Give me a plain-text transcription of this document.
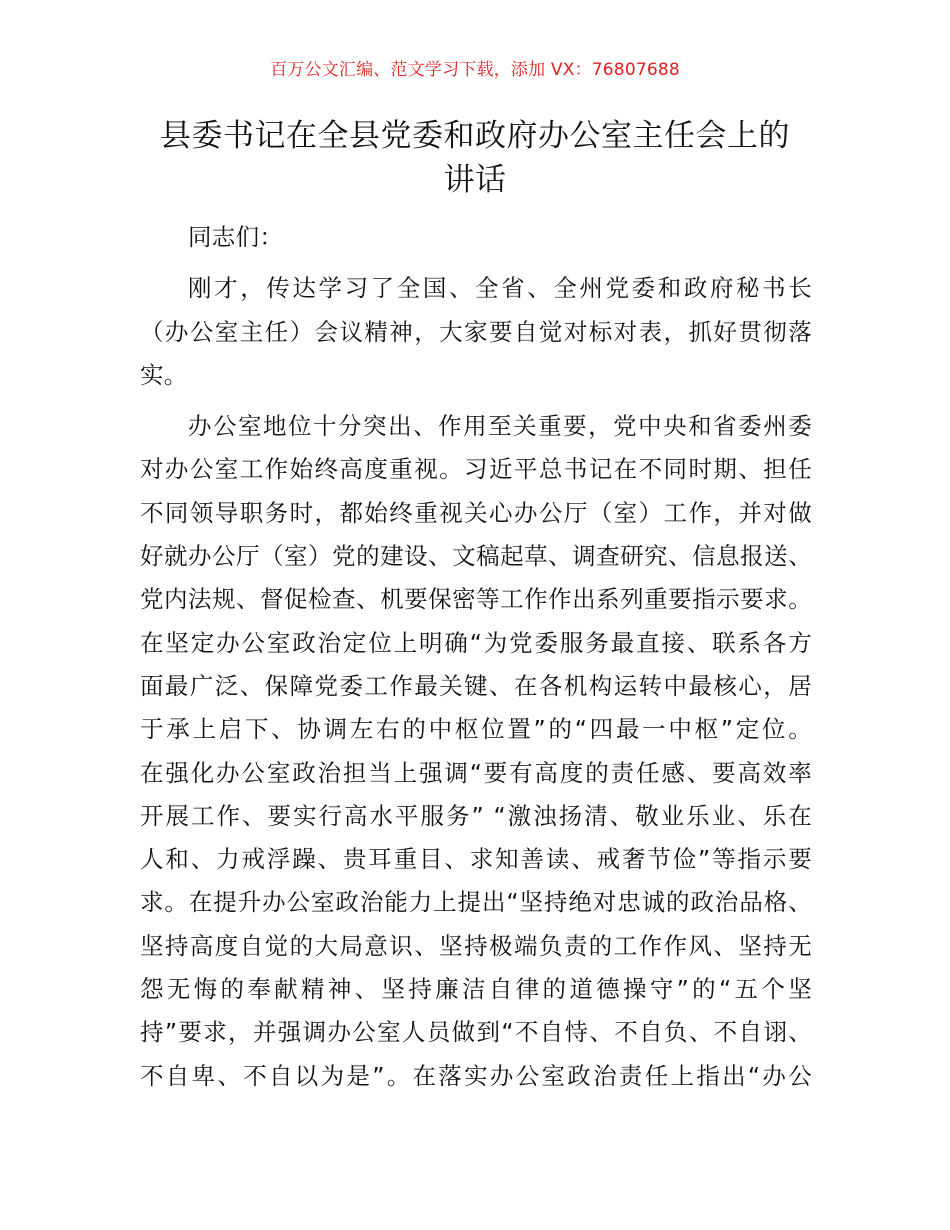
百万公文汇编、范文学习下载，添加 VX：76807688
县委书记在全县党委和政府办公室主任会上的
讲话
同志们：
刚才，传达学习了全国、全省、全州党委和政府秘书长
（办公室主任）会议精神，大家要自觉对标对表，抓好贯彻落
实。
办公室地位十分突出、作用至关重要，党中央和省委州委
对办公室工作始终高度重视。习近平总书记在不同时期、担任
不同领导职务时，都始终重视关心办公厅（室）工作，并对做
好就办公厅（室）党的建设、文稿起草、调查研究、信息报送、
党内法规、督促检查、机要保密等工作作出系列重要指示要求。
在坚定办公室政治定位上明确“为党委服务最直接、联系各方
面最广泛、保障党委工作最关键、在各机构运转中最核心，居
于承上启下、协调左右的中枢位置”的“四最一中枢”定位。
在强化办公室政治担当上强调“要有高度的责任感、要高效率
开展工作、要实行高水平服务” “激浊扬清、敬业乐业、乐在
人和、力戒浮躁、贵耳重目、求知善读、戒奢节俭”等指示要
求。在提升办公室政治能力上提出“坚持绝对忠诚的政治品格、
坚持高度自觉的大局意识、坚持极端负责的工作作风、坚持无
怨无悔的奉献精神、坚持廉洁自律的道德操守”的“五个坚
持”要求，并强调办公室人员做到“不自恃、不自负、不自诩、
不自卑、不自以为是”。在落实办公室政治责任上指出“办公
